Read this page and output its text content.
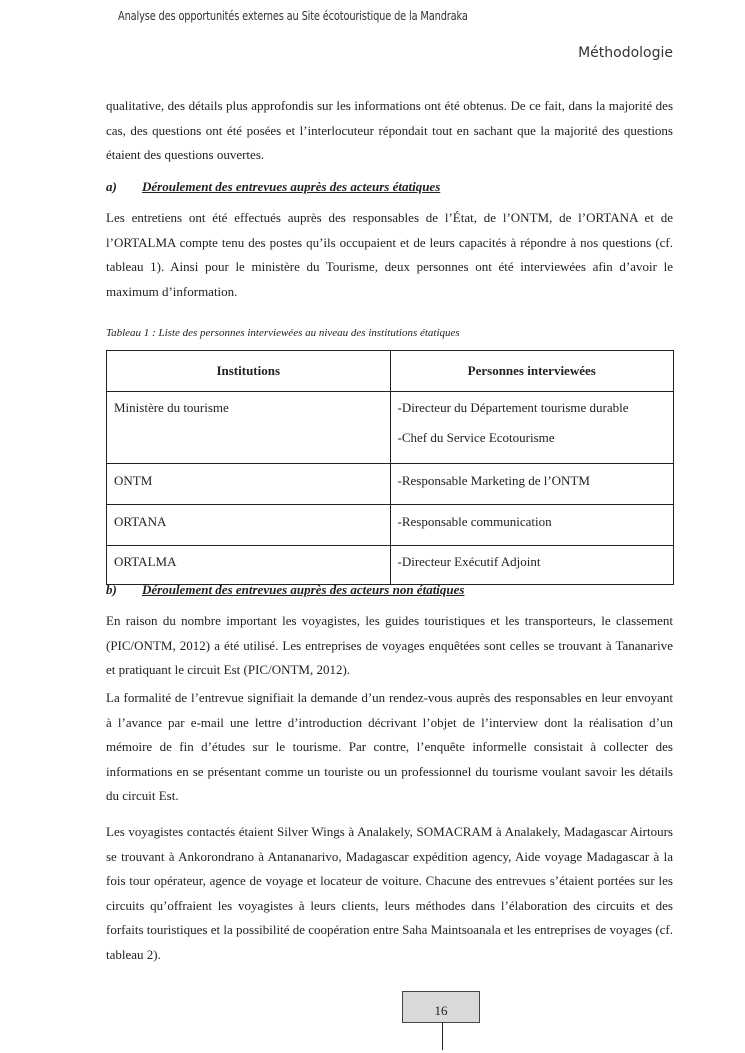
Analyse des opportunités externes au Site écotouristique de la Mandraka
Méthodologie

qualitative, des détails plus approfondis sur les informations ont été obtenus. De ce fait, dans la majorité des cas, des questions ont été posées et l’interlocuteur répondait tout en sachant que la majorité des questions étaient des questions ouvertes.

a)	Déroulement des entrevues auprès des acteurs étatiques

Les entretiens ont été effectués auprès des responsables de l’État, de l’ONTM, de l’ORTANA et de l’ORTALMA compte tenu des postes qu’ils occupaient et de leurs capacités à répondre à nos questions (cf. tableau 1). Ainsi pour le ministère du Tourisme, deux personnes ont été interviewées afin d’avoir le maximum d’information.

Tableau 1 : Liste des personnes interviewées au niveau des institutions étatiques
Institutions	Personnes interviewées

Ministère du tourisme	-Directeur du Département tourisme durable
-Chef du Service Ecotourisme

ONTM	-Responsable Marketing de l’ONTM

ORTANA	-Responsable communication

ORTALMA	-Directeur Exécutif Adjoint
b)	Déroulement des entrevues auprès des acteurs non étatiques

En raison du nombre important les voyagistes, les guides touristiques et les transporteurs, le classement (PIC/ONTM, 2012) a été utilisé. Les entreprises de voyages enquêtées sont celles se trouvant à Tananarive et pratiquant le circuit Est (PIC/ONTM, 2012).

La formalité de l’entrevue signifiait la demande d’un rendez-vous auprès des responsables en leur envoyant à l’avance par e-mail une lettre d’introduction décrivant l’objet de l’interview dont la réalisation d’un mémoire de fin d’études sur le tourisme. Par contre, l’enquête informelle consistait à collecter des informations en se présentant comme un touriste ou un professionnel du tourisme voulant savoir les détails du circuit Est.

Les voyagistes contactés étaient Silver Wings à Analakely, SOMACRAM à Analakely, Madagascar Airtours se trouvant à Ankorondrano à Antananarivo, Madagascar expédition agency, Aide voyage Madagascar à la fois tour opérateur, agence de voyage et locateur de voiture. Chacune des entrevues s’étaient portées sur les circuits qu’offraient les voyagistes à leurs clients, leurs méthodes dans l’élaboration des circuits et des forfaits touristiques et la possibilité de coopération entre Saha Maintsoanala et les entreprises de voyages (cf. tableau 2).

16
